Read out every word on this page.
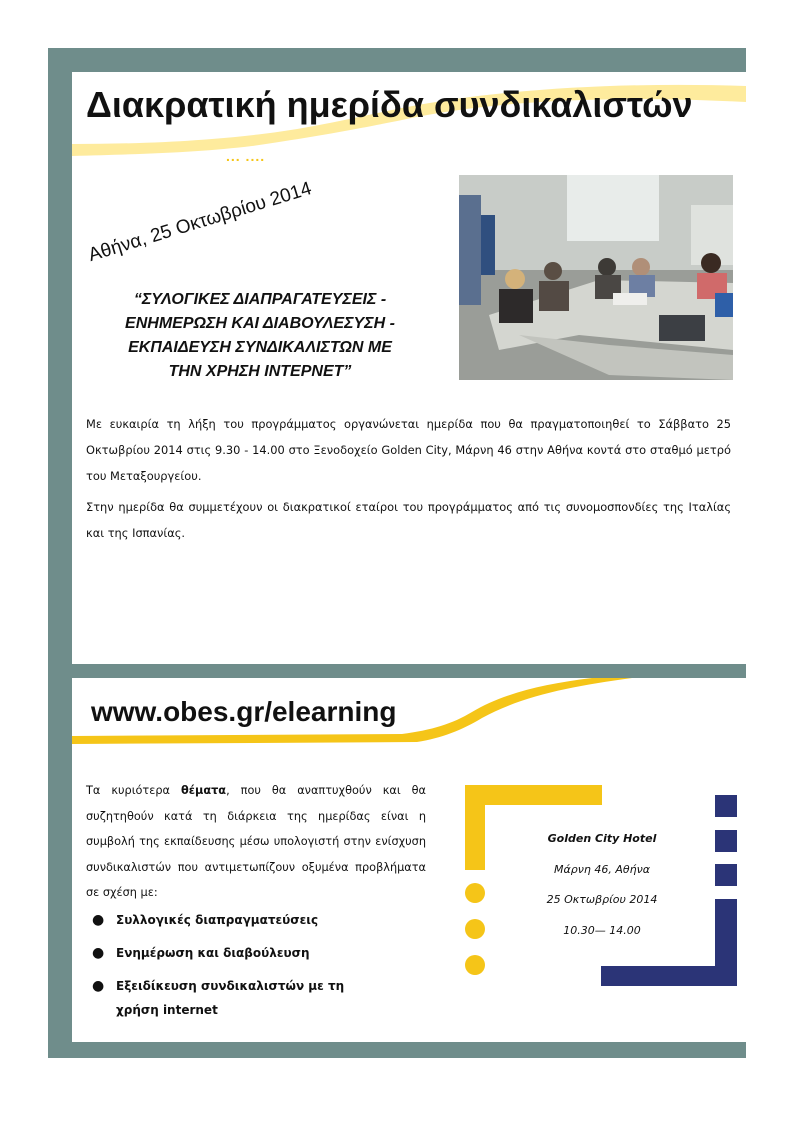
Διακρατική ημερίδα συνδικαλιστών
... ....
Αθήνα, 25 Οκτωβρίου 2014
“ΣΥΛΟΓΙΚΕΣ ΔΙΑΠΡΑΓΑΤΕΥΣΕΙΣ -
ΕΝΗΜΕΡΩΣΗ ΚΑΙ ΔΙΑΒΟΥΛΕΣΥΣΗ -
ΕΚΠΑΙΔΕΥΣΗ ΣΥΝΔΙΚΑΛΙΣΤΩΝ ΜΕ
ΤΗΝ ΧΡΗΣΗ ΙΝΤΕΡΝΕΤ”

Με ευκαιρία τη λήξη του προγράμματος οργανώνεται ημερίδα που θα πραγματοποιηθεί το Σάββατο 25 Οκτωβρίου 2014 στις 9.30 - 14.00 στο Ξενοδοχείο Golden City, Μάρνη 46 στην Αθήνα κοντά στο σταθμό μετρό του Μεταξουργείου.

Στην ημερίδα θα συμμετέχουν οι διακρατικοί εταίροι του προγράμματος από τις συνομοσπονδίες της Ιταλίας και της Ισπανίας.

www.obes.gr/elearning
Τα κυριότερα θέματα, που θα αναπτυχθούν και θα συζητηθούν κατά τη διάρκεια της ημερίδας είναι η συμβολή της εκπαίδευσης μέσω υπολογιστή στην ενίσχυση συνδικαλιστών που αντιμετωπίζουν οξυμένα προβλήματα σε σχέση με:
● Συλλογικές διαπραγματεύσεις
● Ενημέρωση και διαβούλευση
● Εξειδίκευση συνδικαλιστών με τη χρήση internet
Golden City Hotel
Μάρνη 46, Αθήνα
25 Οκτωβρίου 2014
10.30— 14.00
